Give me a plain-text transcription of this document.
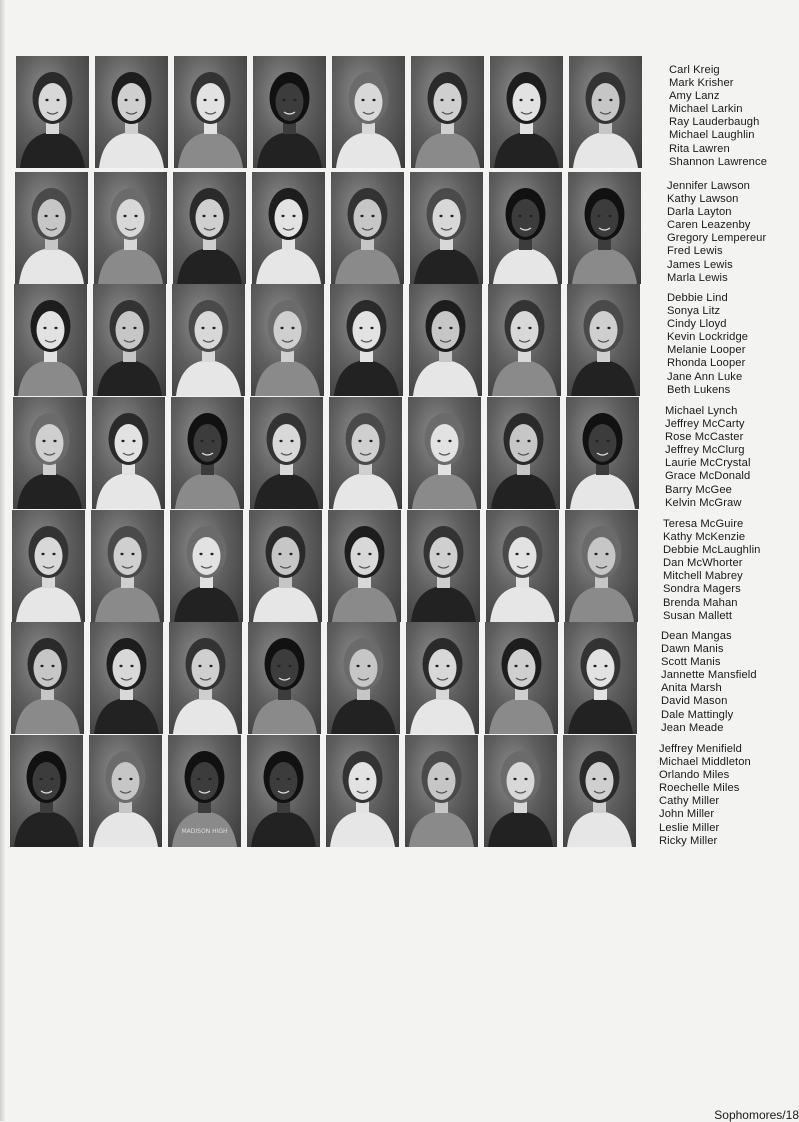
Carl Kreig
Mark Krisher
Amy Lanz
Michael Larkin
Ray Lauderbaugh
Michael Laughlin
Rita Lawren
Shannon Lawrence
Jennifer Lawson
Kathy Lawson
Darla Layton
Caren Leazenby
Gregory Lempereur
Fred Lewis
James Lewis
Marla Lewis
Debbie Lind
Sonya Litz
Cindy Lloyd
Kevin Lockridge
Melanie Looper
Rhonda Looper
Jane Ann Luke
Beth Lukens
Michael Lynch
Jeffrey McCarty
Rose McCaster
Jeffrey McClurg
Laurie McCrystal
Grace McDonald
Barry McGee
Kelvin McGraw
Teresa McGuire
Kathy McKenzie
Debbie McLaughlin
Dan McWhorter
Mitchell Mabrey
Sondra Magers
Brenda Mahan
Susan Mallett
Dean Mangas
Dawn Manis
Scott Manis
Jannette Mansfield
Anita Marsh
David Mason
Dale Mattingly
Jean Meade
MADISON HIGH
Jeffrey Menifield
Michael Middleton
Orlando Miles
Roechelle Miles
Cathy Miller
John Miller
Leslie Miller
Ricky Miller
Sophomores/18
